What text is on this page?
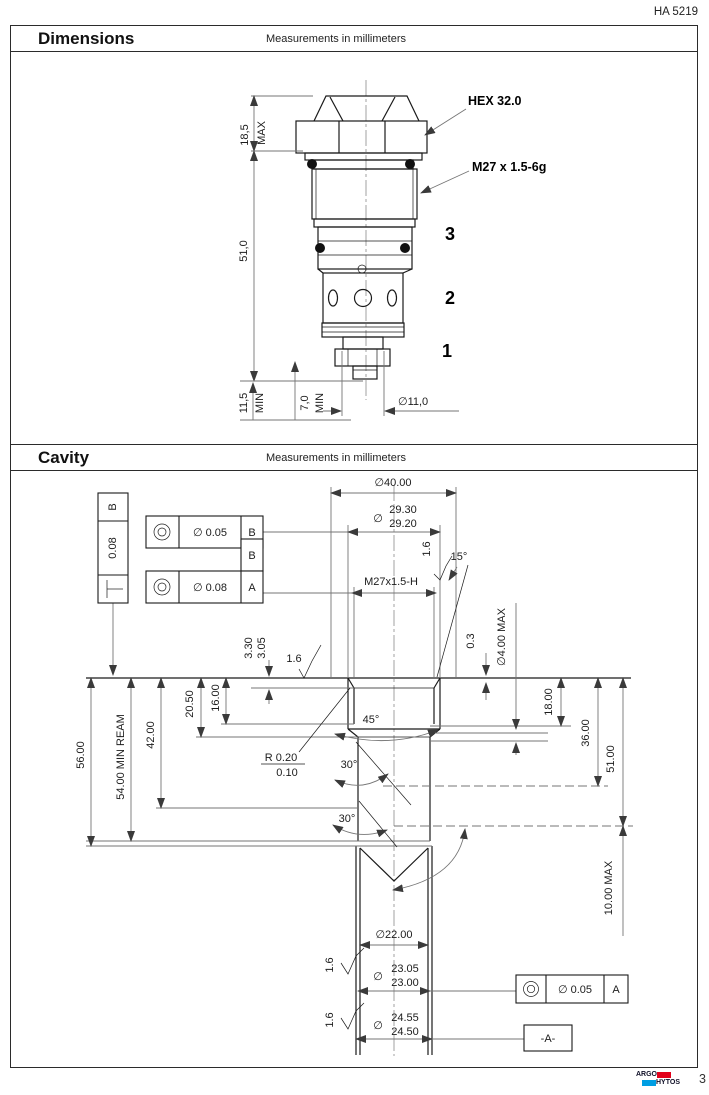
HA 5219
Dimensions	Measurements in millimeters
18,5 MAX
51,0
11,5 MIN	7,0 MIN	∅11,0
HEX 32.0
M27 x 1.5-6g
3
2
1
Cavity	Measurements in millimeters
B
0.08
∅ 0.05 B
∅ 0.08
B
A
∅ 0.05 A
-A-
∅40.00
∅
29.30
29.20
1.6
15°
M27x1.5-H
3.30 3.05
1.6
56.00	54.00 MIN REAM 42.00
20.50 16.00
0.3 ∅4.00 MAX
18.00
36.00
51.00
10.00 MAX
45°
R 0.20
0.10
30°
30°
∅22.00
∅
23.05
23.00
∅
24.55
24.50
1.6
1.6
ARGO
HYTOS 3
